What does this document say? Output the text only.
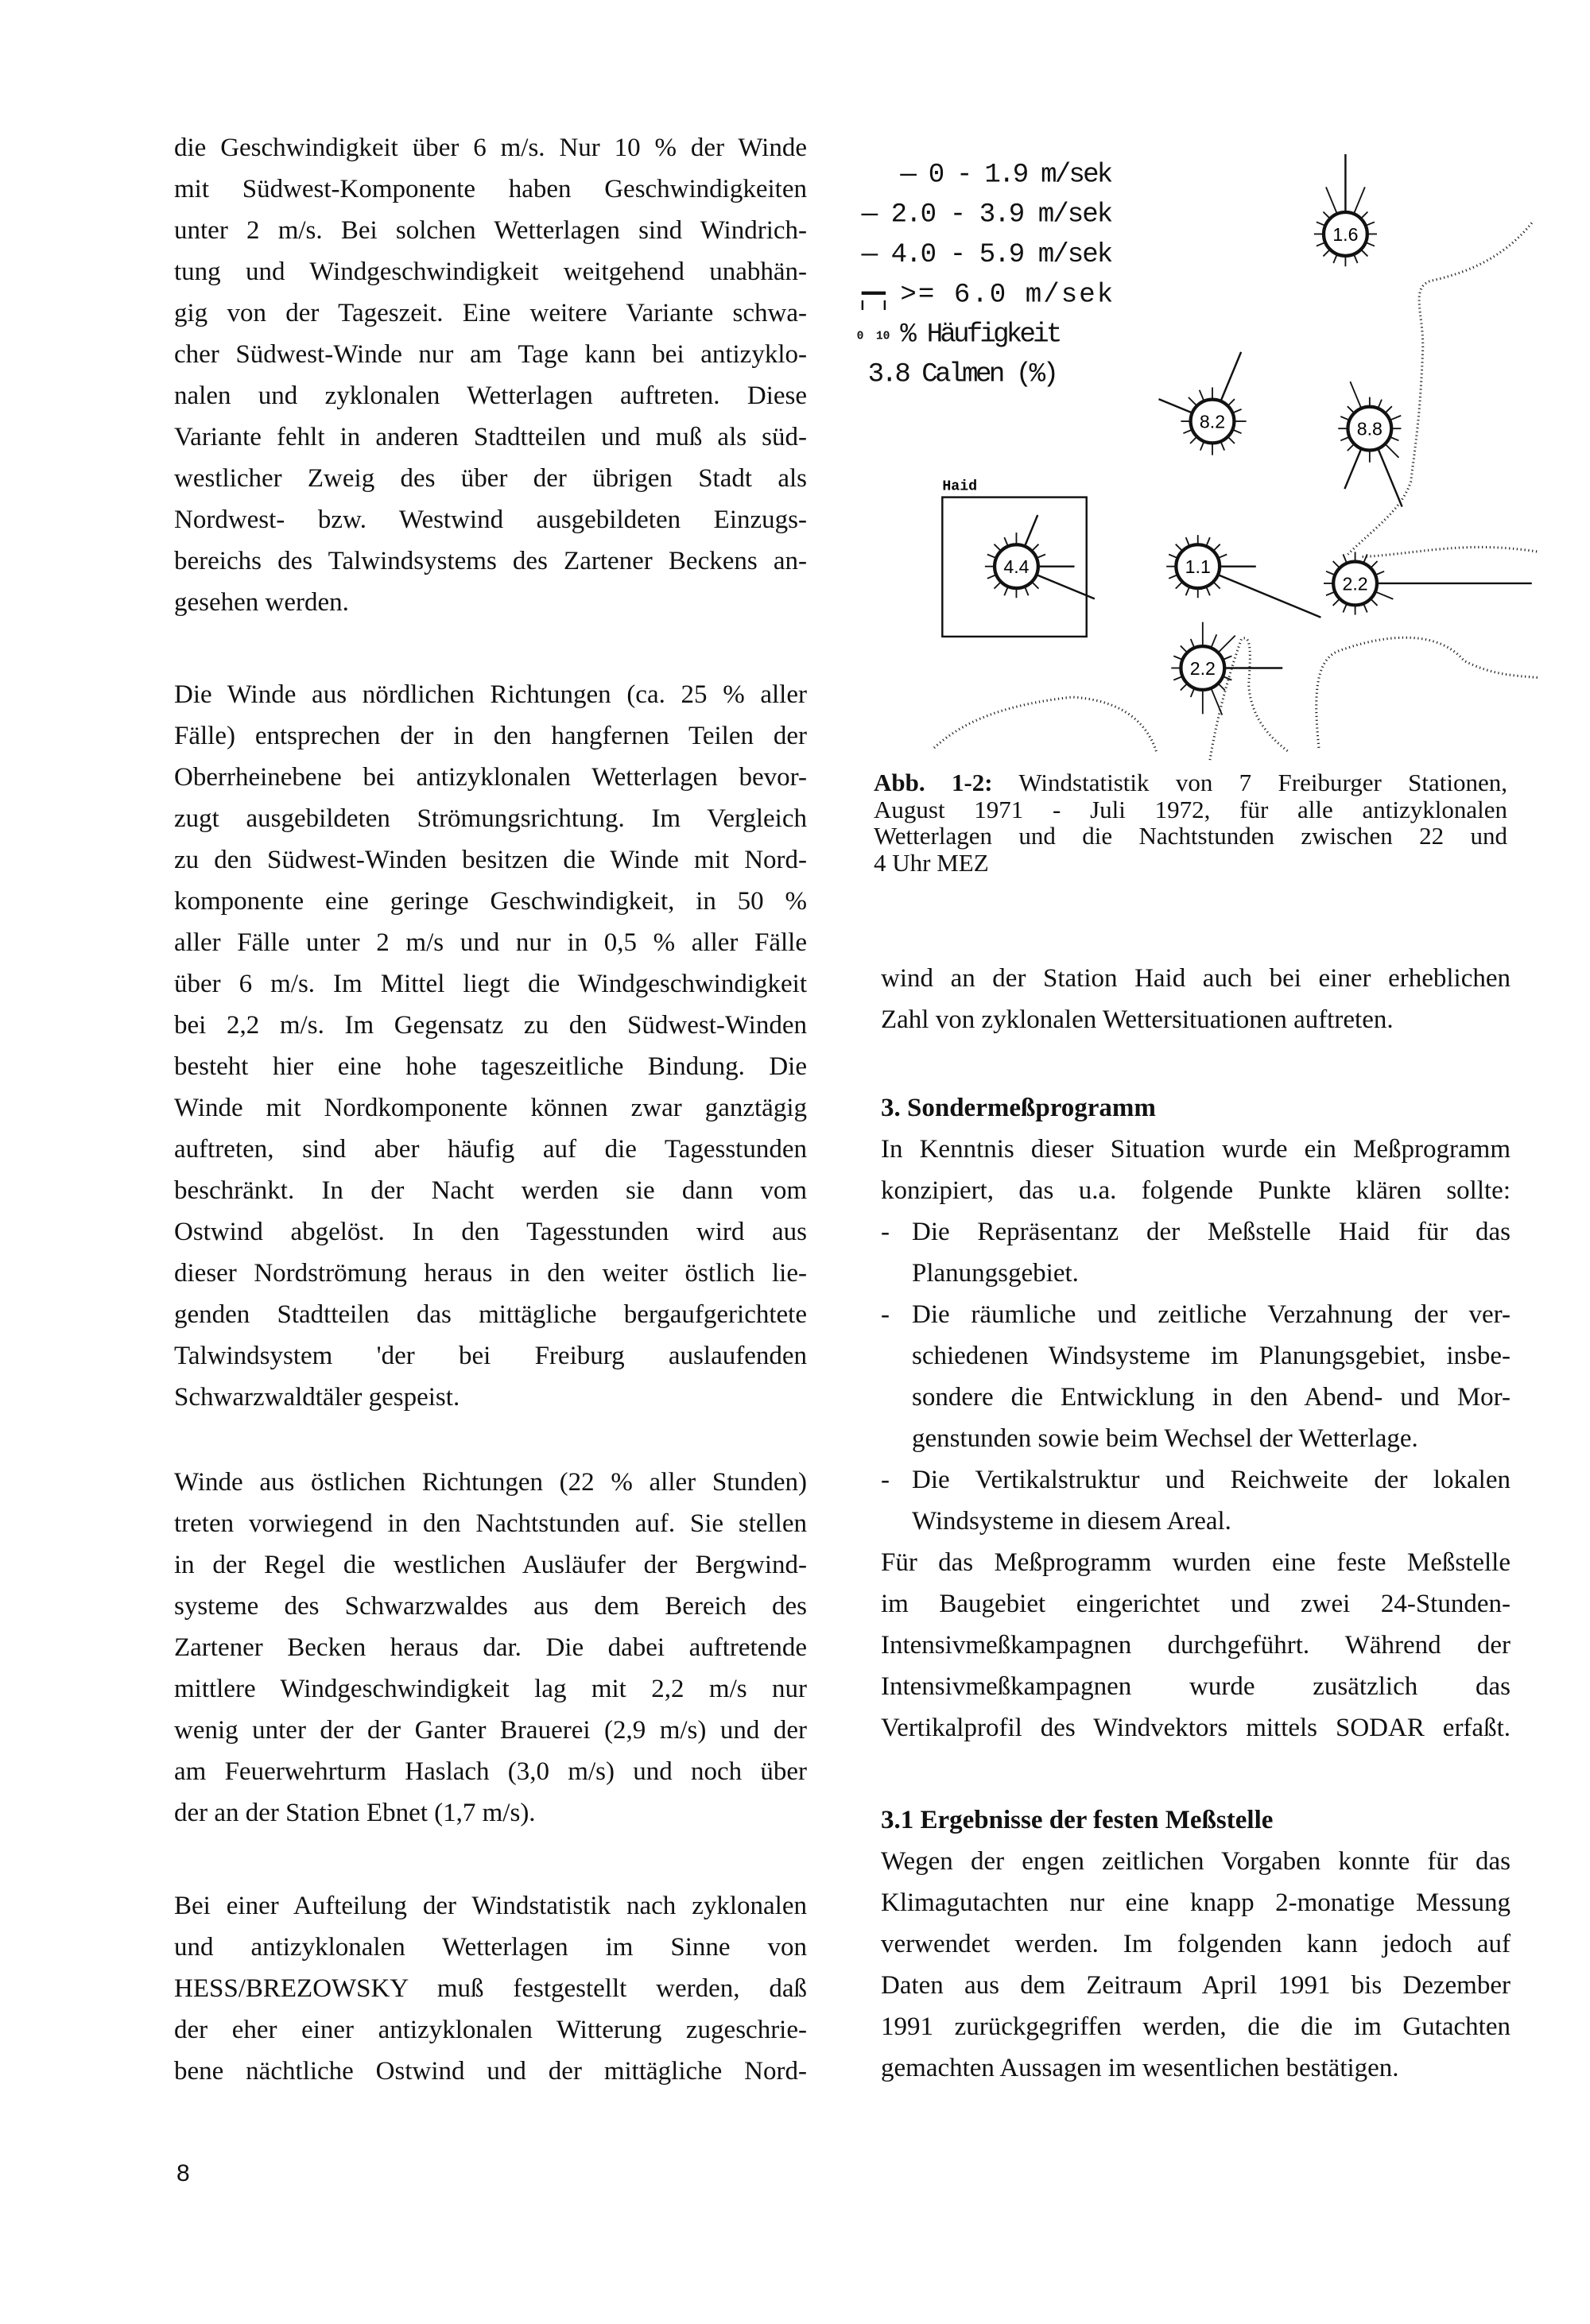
die Geschwindigkeit über 6 m/s. Nur 10 % der Winde
mit Südwest-Komponente haben Geschwindigkeiten
unter 2 m/s. Bei solchen Wetterlagen sind Windrich-
tung und Windgeschwindigkeit weitgehend unabhän-
gig von der Tageszeit. Eine weitere Variante schwa-
cher Südwest-Winde nur am Tage kann bei antizyklo-
nalen und zyklonalen Wetterlagen auftreten. Diese
Variante fehlt in anderen Stadtteilen und muß als süd-
westlicher Zweig des über der übrigen Stadt als
Nordwest- bzw. Westwind ausgebildeten Einzugs-
bereichs des Talwindsystems des Zartener Beckens an-
gesehen werden.
Die Winde aus nördlichen Richtungen (ca. 25 % aller
Fälle) entsprechen der in den hangfernen Teilen der
Oberrheinebene bei antizyklonalen Wetterlagen bevor-
zugt ausgebildeten Strömungsrichtung. Im Vergleich
zu den Südwest-Winden besitzen die Winde mit Nord-
komponente eine geringe Geschwindigkeit, in 50 %
aller Fälle unter 2 m/s und nur in 0,5 % aller Fälle
über 6 m/s. Im Mittel liegt die Windgeschwindigkeit
bei 2,2 m/s. Im Gegensatz zu den Südwest-Winden
besteht hier eine hohe tageszeitliche Bindung. Die
Winde mit Nordkomponente können zwar ganztägig
auftreten, sind aber häufig auf die Tagesstunden
beschränkt. In der Nacht werden sie dann vom
Ostwind abgelöst. In den Tagesstunden wird aus
dieser Nordströmung heraus in den weiter östlich lie-
genden Stadtteilen das mittägliche bergaufgerichtete
Talwindsystem 'der bei Freiburg auslaufenden
Schwarzwaldtäler gespeist.
Winde aus östlichen Richtungen (22 % aller Stunden)
treten vorwiegend in den Nachtstunden auf. Sie stellen
in der Regel die westlichen Ausläufer der Bergwind-
systeme des Schwarzwaldes aus dem Bereich des
Zartener Becken heraus dar. Die dabei auftretende
mittlere Windgeschwindigkeit lag mit 2,2 m/s nur
wenig unter der der Ganter Brauerei (2,9 m/s) und der
am Feuerwehrturm Haslach (3,0 m/s) und noch über
der an der Station Ebnet (1,7 m/s).
Bei einer Aufteilung der Windstatistik nach zyklonalen
und antizyklonalen Wetterlagen im Sinne von
HESS/BREZOWSKY muß festgestellt werden, daß
der eher einer antizyklonalen Witterung zugeschrie-
bene nächtliche Ostwind und der mittägliche Nord-
— 0 - 1.9 m/sek
— 2.0 - 3.9 m/sek
— 4.0 - 5.9 m/sek
>= 6.0 m/sek
0 10 % Häufigkeit
3.8 Calmen (%)
Haid
1.6
8.2	8.8
4.4	1.1
2.2
2.2
Abb. 1-2: Windstatistik von 7 Freiburger Stationen,
August 1971 - Juli 1972, für alle antizyklonalen
Wetterlagen und die Nachtstunden zwischen 22 und
4 Uhr MEZ
wind an der Station Haid auch bei einer erheblichen
Zahl von zyklonalen Wettersituationen auftreten.
3. Sondermeßprogramm
In Kenntnis dieser Situation wurde ein Meßprogramm
konzipiert, das u.a. folgende Punkte klären sollte:
- Die Repräsentanz der Meßstelle Haid für das
Planungsgebiet.
- Die räumliche und zeitliche Verzahnung der ver-
schiedenen Windsysteme im Planungsgebiet, insbe-
sondere die Entwicklung in den Abend- und Mor-
genstunden sowie beim Wechsel der Wetterlage.
- Die Vertikalstruktur und Reichweite der lokalen
Windsysteme in diesem Areal.
Für das Meßprogramm wurden eine feste Meßstelle
im Baugebiet eingerichtet und zwei 24-Stunden-
Intensivmeßkampagnen durchgeführt. Während der
Intensivmeßkampagnen wurde zusätzlich das
Vertikalprofil des Windvektors mittels SODAR erfaßt.
3.1 Ergebnisse der festen Meßstelle
Wegen der engen zeitlichen Vorgaben konnte für das
Klimagutachten nur eine knapp 2-monatige Messung
verwendet werden. Im folgenden kann jedoch auf
Daten aus dem Zeitraum April 1991 bis Dezember
1991 zurückgegriffen werden, die die im Gutachten
gemachten Aussagen im wesentlichen bestätigen.
8
